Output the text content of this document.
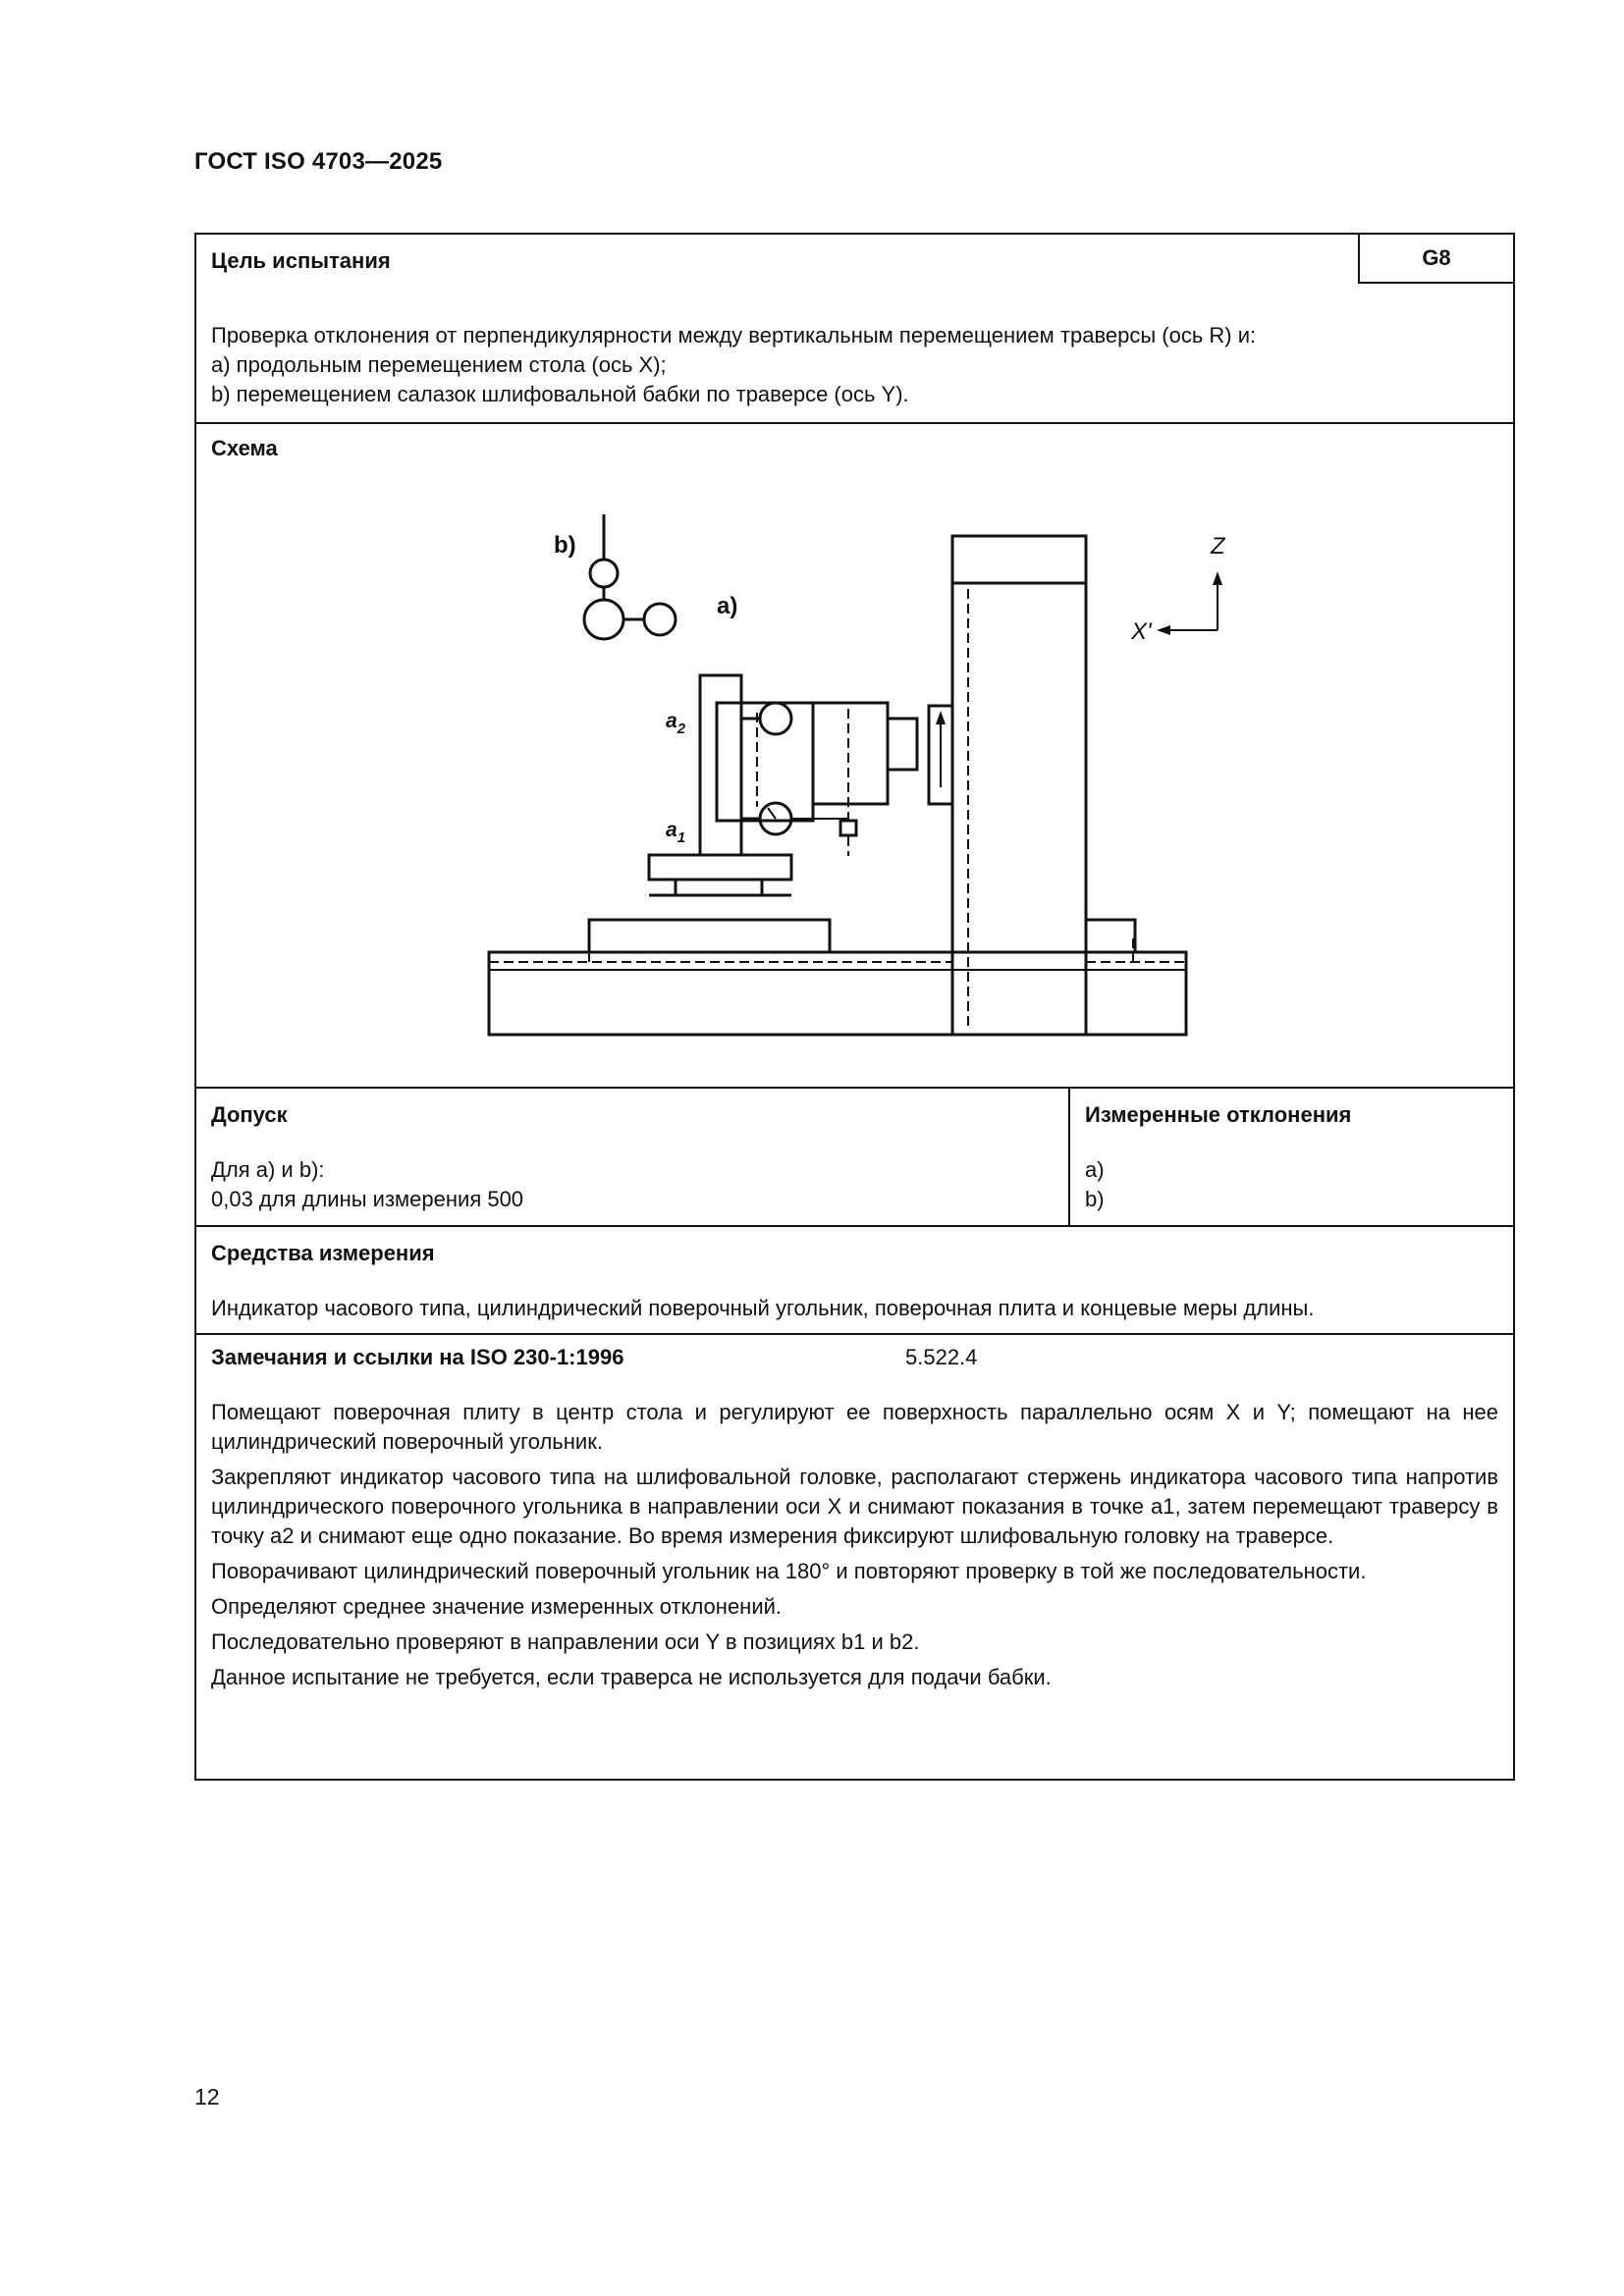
ГОСТ ISO 4703—2025
Цель испытания	G8
Проверка отклонения от перпендикулярности между вертикальным перемещением траверсы (ось R) и:
a) продольным перемещением стола (ось X);
b) перемещением салазок шлифовальной бабки по траверсе (ось Y).
Схема
b)
a)
$a_2$
$a_1$
Z
X'
Допуск
Для a) и b):
0,03 для длины измерения 500
Измеренные отклонения
a)
b)
Средства измерения
Индикатор часового типа, цилиндрический поверочный угольник, поверочная плита и концевые меры длины.
Замечания и ссылки на ISO 230-1:1996	5.522.4

Помещают поверочная плиту в центр стола и регулируют ее поверхность параллельно осям X и Y; помещают на нее цилиндрический поверочный угольник.

Закрепляют индикатор часового типа на шлифовальной головке, располагают стержень индикатора часового типа напротив цилиндрического поверочного угольника в направлении оси X и снимают показания в точке a1, затем перемещают траверсу в точку a2 и снимают еще одно показание. Во время измерения фиксируют шлифовальную головку на траверсе.

Поворачивают цилиндрический поверочный угольник на 180° и повторяют проверку в той же последовательности.

Определяют среднее значение измеренных отклонений.

Последовательно проверяют в направлении оси Y в позициях b1 и b2.

Данное испытание не требуется, если траверса не используется для подачи бабки.

12
